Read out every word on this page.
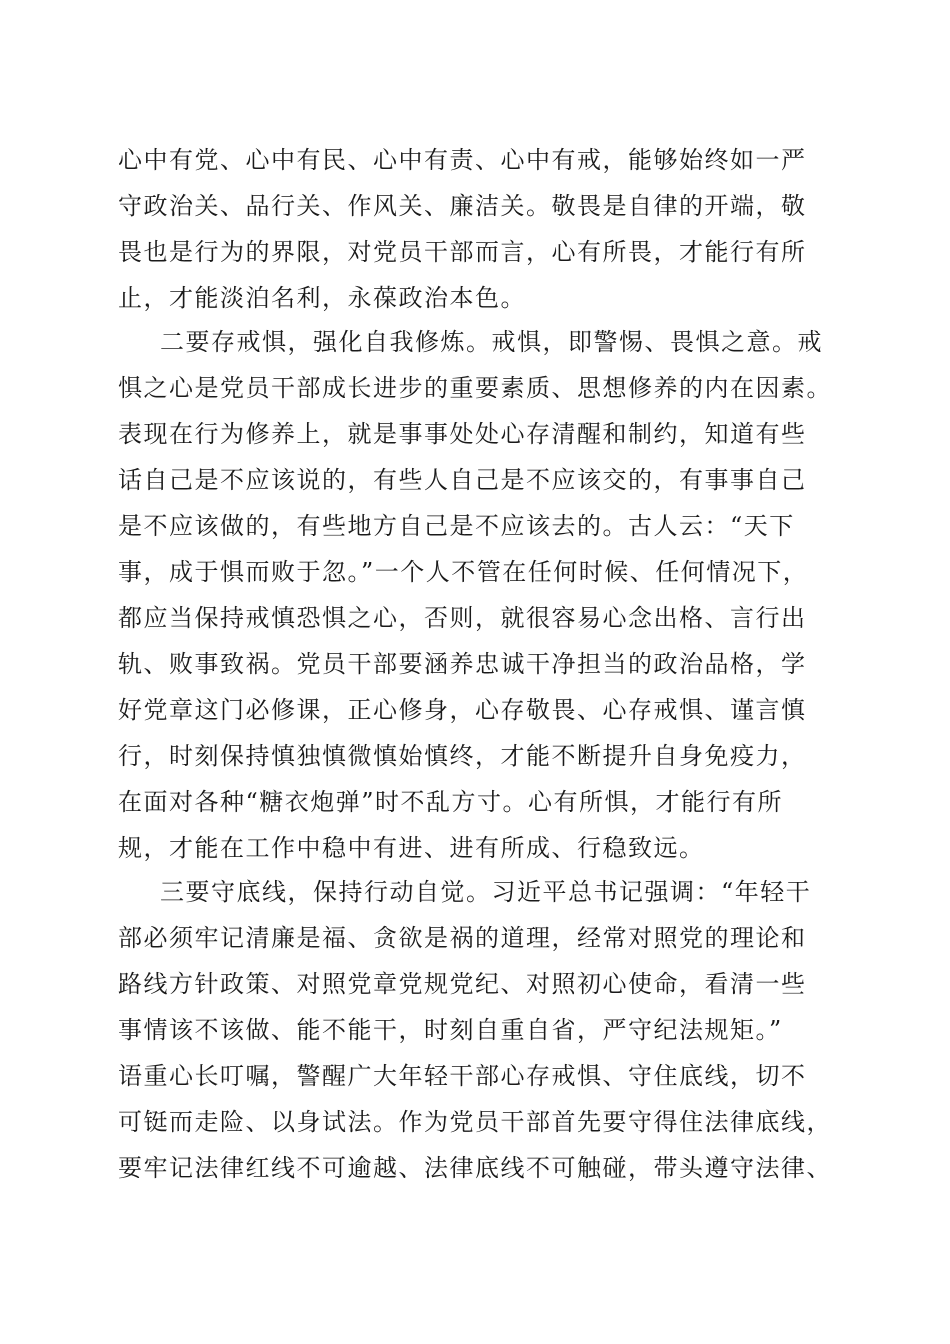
心中有党、心中有民、心中有责、心中有戒，能够始终如一严
守政治关、品行关、作风关、廉洁关。敬畏是自律的开端，敬
畏也是行为的界限，对党员干部而言，心有所畏，才能行有所
止，才能淡泊名利，永葆政治本色。
二要存戒惧，强化自我修炼。戒惧，即警惕、畏惧之意。戒
惧之心是党员干部成长进步的重要素质、思想修养的内在因素。
表现在行为修养上，就是事事处处心存清醒和制约，知道有些
话自己是不应该说的，有些人自己是不应该交的，有事事自己
是不应该做的，有些地方自己是不应该去的。古人云：“天下
事，成于惧而败于忽。”一个人不管在任何时候、任何情况下，
都应当保持戒慎恐惧之心，否则，就很容易心念出格、言行出
轨、败事致祸。党员干部要涵养忠诚干净担当的政治品格，学
好党章这门必修课，正心修身，心存敬畏、心存戒惧、谨言慎
行，时刻保持慎独慎微慎始慎终，才能不断提升自身免疫力，
在面对各种“糖衣炮弹”时不乱方寸。心有所惧，才能行有所
规，才能在工作中稳中有进、进有所成、行稳致远。
三要守底线，保持行动自觉。习近平总书记强调：“年轻干
部必须牢记清廉是福、贪欲是祸的道理，经常对照党的理论和
路线方针政策、对照党章党规党纪、对照初心使命，看清一些
事情该不该做、能不能干，时刻自重自省，严守纪法规矩。”
语重心长叮嘱，警醒广大年轻干部心存戒惧、守住底线，切不
可铤而走险、以身试法。作为党员干部首先要守得住法律底线，
要牢记法律红线不可逾越、法律底线不可触碰，带头遵守法律、
